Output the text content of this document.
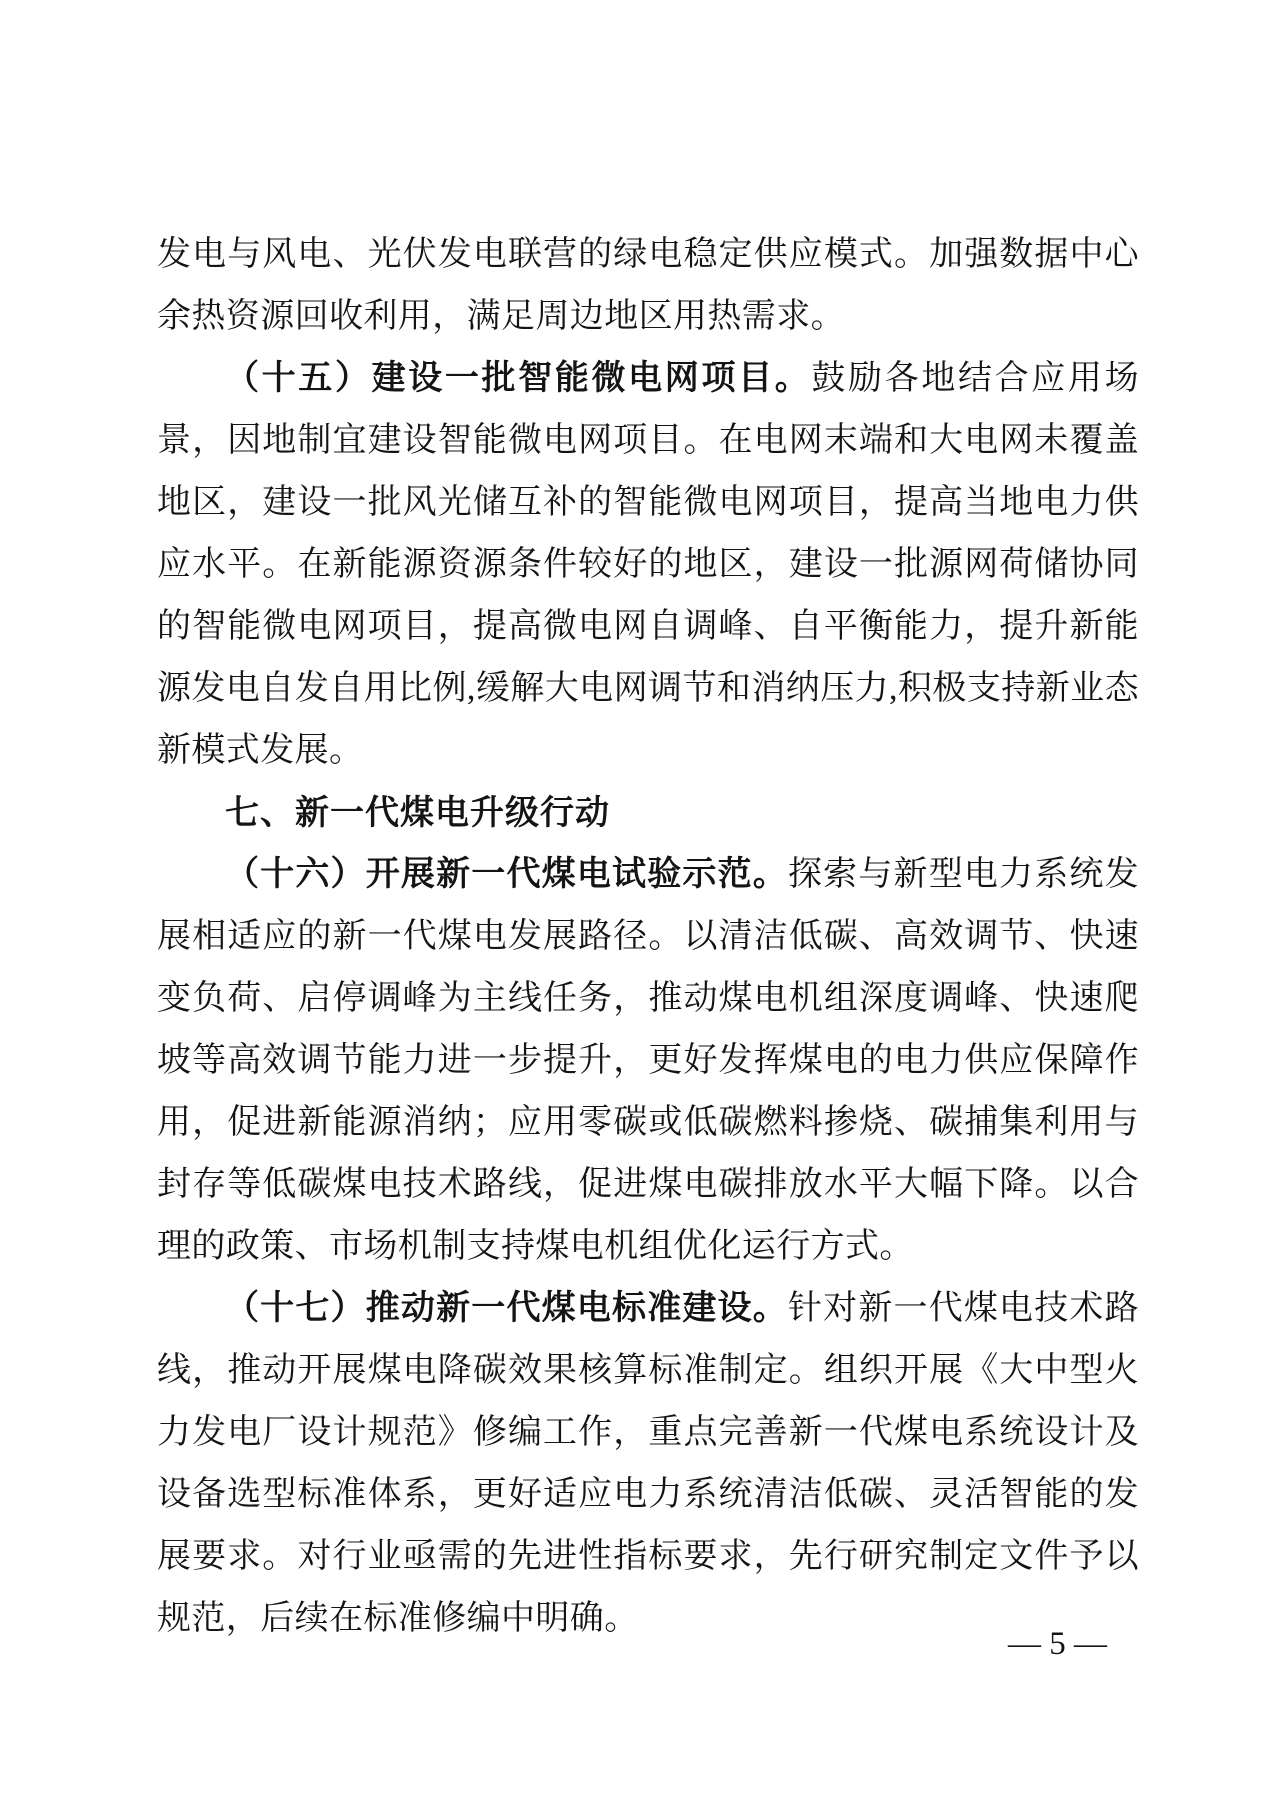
发电与风电、光伏发电联营的绿电稳定供应模式。加强数据中心余热资源回收利用，满足周边地区用热需求。

（十五）建设一批智能微电网项目。鼓励各地结合应用场景，因地制宜建设智能微电网项目。在电网末端和大电网未覆盖地区，建设一批风光储互补的智能微电网项目，提高当地电力供应水平。在新能源资源条件较好的地区，建设一批源网荷储协同的智能微电网项目，提高微电网自调峰、自平衡能力，提升新能源发电自发自用比例,缓解大电网调节和消纳压力,积极支持新业态新模式发展。

七、新一代煤电升级行动

（十六）开展新一代煤电试验示范。探索与新型电力系统发展相适应的新一代煤电发展路径。以清洁低碳、高效调节、快速变负荷、启停调峰为主线任务，推动煤电机组深度调峰、快速爬坡等高效调节能力进一步提升，更好发挥煤电的电力供应保障作用，促进新能源消纳；应用零碳或低碳燃料掺烧、碳捕集利用与封存等低碳煤电技术路线，促进煤电碳排放水平大幅下降。以合理的政策、市场机制支持煤电机组优化运行方式。

（十七）推动新一代煤电标准建设。针对新一代煤电技术路线，推动开展煤电降碳效果核算标准制定。组织开展《大中型火力发电厂设计规范》修编工作，重点完善新一代煤电系统设计及设备选型标准体系，更好适应电力系统清洁低碳、灵活智能的发展要求。对行业亟需的先进性指标要求，先行研究制定文件予以规范，后续在标准修编中明确。

— 5 —
